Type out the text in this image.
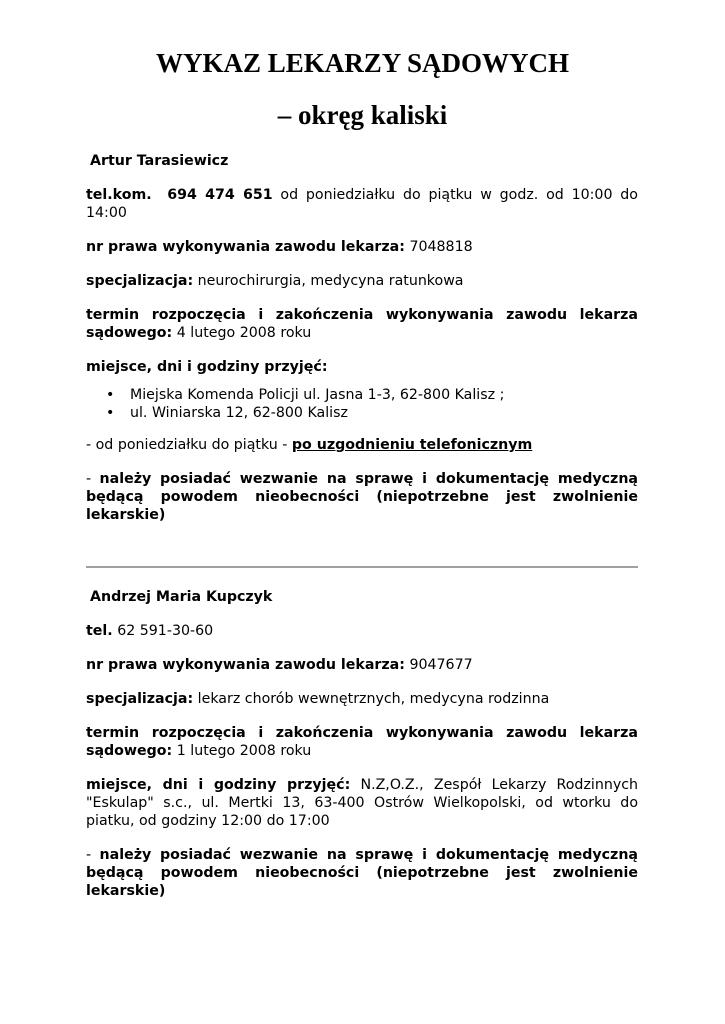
WYKAZ LEKARZY SĄDOWYCH
– okręg kaliski

Artur Tarasiewicz

tel.kom. 694 474 651 od poniedziałku do piątku w godz. od 10:00 do 14:00

nr prawa wykonywania zawodu lekarza: 7048818

specjalizacja: neurochirurgia, medycyna ratunkowa

termin rozpoczęcia i zakończenia wykonywania zawodu lekarza sądowego: 4 lutego 2008 roku

miejsce, dni i godziny przyjęć:

• Miejska Komenda Policji ul. Jasna 1-3, 62-800 Kalisz ;
• ul. Winiarska 12, 62-800 Kalisz

- od poniedziałku do piątku - po uzgodnieniu telefonicznym

- należy posiadać wezwanie na sprawę i dokumentację medyczną będącą powodem nieobecności (niepotrzebne jest zwolnienie lekarskie)

Andrzej Maria Kupczyk

tel. 62 591-30-60

nr prawa wykonywania zawodu lekarza: 9047677

specjalizacja: lekarz chorób wewnętrznych, medycyna rodzinna

termin rozpoczęcia i zakończenia wykonywania zawodu lekarza sądowego: 1 lutego 2008 roku

miejsce, dni i godziny przyjęć: N.Z,O.Z., Zespół Lekarzy Rodzinnych "Eskulap" s.c., ul. Mertki 13, 63-400 Ostrów Wielkopolski, od wtorku do piatku, od godziny 12:00 do 17:00

- należy posiadać wezwanie na sprawę i dokumentację medyczną będącą powodem nieobecności (niepotrzebne jest zwolnienie lekarskie)
